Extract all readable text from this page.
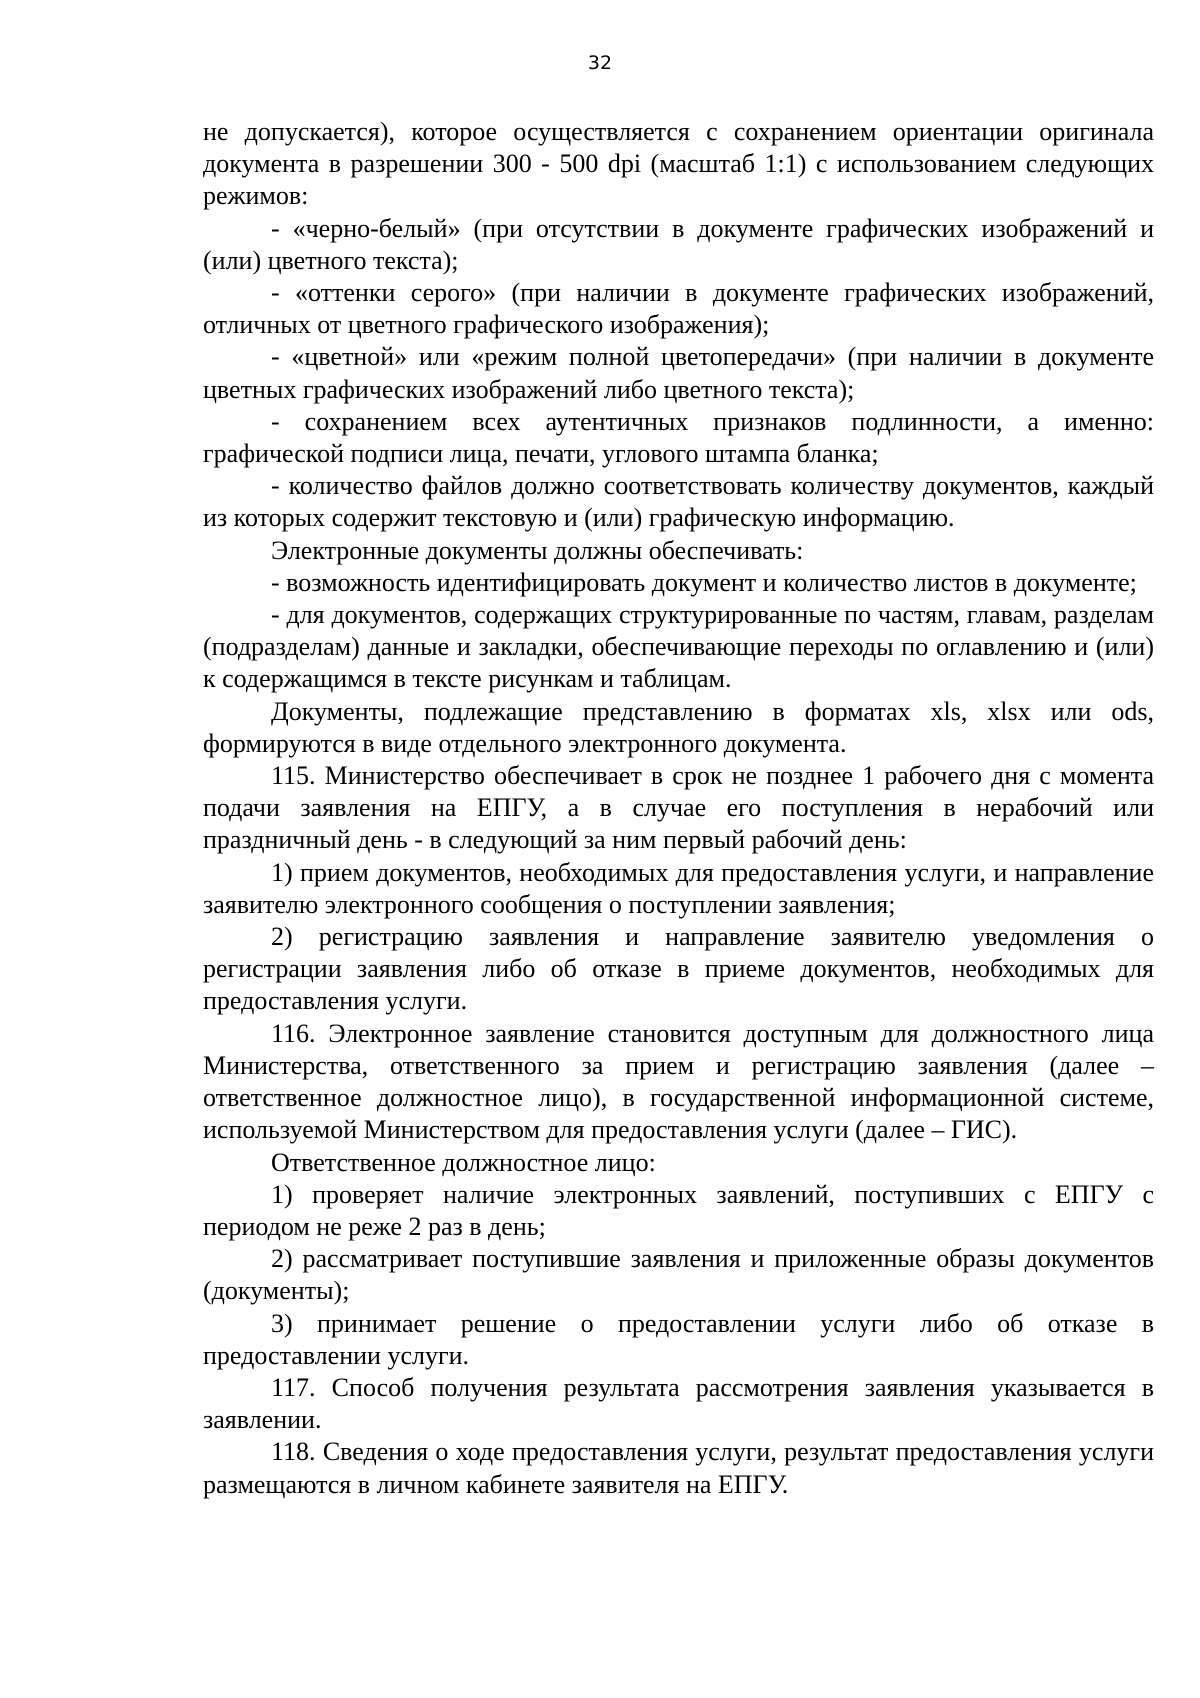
32

не допускается), которое осуществляется с сохранением ориентации оригинала документа в разрешении 300 - 500 dpi (масштаб 1:1) с использованием следующих режимов:

- «черно-белый» (при отсутствии в документе графических изображений и (или) цветного текста);

- «оттенки серого» (при наличии в документе графических изображений, отличных от цветного графического изображения);

- «цветной» или «режим полной цветопередачи» (при наличии в документе цветных графических изображений либо цветного текста);

- сохранением всех аутентичных признаков подлинности, а именно: графической подписи лица, печати, углового штампа бланка;

- количество файлов должно соответствовать количеству документов, каждый из которых содержит текстовую и (или) графическую информацию.

Электронные документы должны обеспечивать:

- возможность идентифицировать документ и количество листов в документе;

- для документов, содержащих структурированные по частям, главам, разделам (подразделам) данные и закладки, обеспечивающие переходы по оглавлению и (или) к содержащимся в тексте рисункам и таблицам.

Документы, подлежащие представлению в форматах xls, xlsx или ods, формируются в виде отдельного электронного документа.

115. Министерство обеспечивает в срок не позднее 1 рабочего дня с момента подачи заявления на ЕПГУ, а в случае его поступления в нерабочий или праздничный день - в следующий за ним первый рабочий день:

1) прием документов, необходимых для предоставления услуги, и направление заявителю электронного сообщения о поступлении заявления;

2) регистрацию заявления и направление заявителю уведомления о регистрации заявления либо об отказе в приеме документов, необходимых для предоставления услуги.

116. Электронное заявление становится доступным для должностного лица Министерства, ответственного за прием и регистрацию заявления (далее – ответственное должностное лицо), в государственной информационной системе, используемой Министерством для предоставления услуги (далее – ГИС).

Ответственное должностное лицо:

1) проверяет наличие электронных заявлений, поступивших с ЕПГУ с периодом не реже 2 раз в день;

2) рассматривает поступившие заявления и приложенные образы документов (документы);

3) принимает решение о предоставлении услуги либо об отказе в предоставлении услуги.

117. Способ получения результата рассмотрения заявления указывается в заявлении.

118. Сведения о ходе предоставления услуги, результат предоставления услуги размещаются в личном кабинете заявителя на ЕПГУ.
